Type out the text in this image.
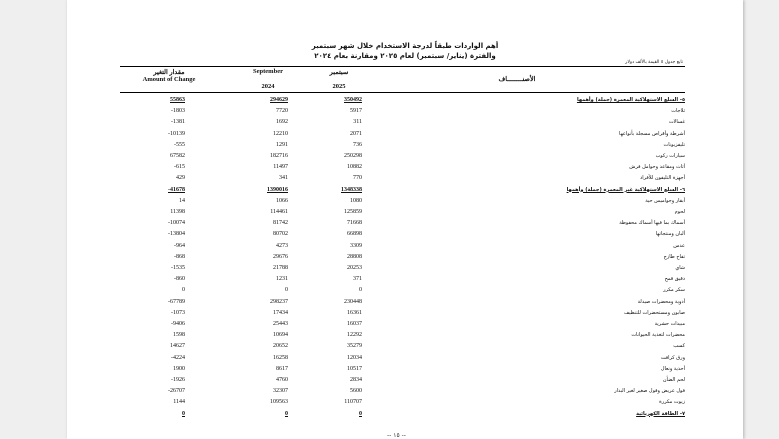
أهم الواردات طبقاً لدرجة الاستخدام خلال شهر سبتمبر
والفترة (يناير/ سبتمبر) لعام ٢٠٢٥ ومقارنة بعام ٢٠٢٤
تابع جدول ٥ القيمة بالألف دولار
مقدار التغير
Amount of Change
September
2024
سبتمبر
2025
الأصنــــــــاف
55863	294629	350492	٥- السلع الاستهلاكية المعمرة (جملة) وأهمها
-1803	7720	5917	ثلاجات
-1381	1692	311	غسالات
-10139	12210	2071	أشرطة وأقراص مسجلة بأنواعها
-555	1291	736	تليفزيونات
67582	182716	250298	سيارات ركوب
-615	11497	10882	أثاث ومقاعد وحوامل فرش
429	341	770	أجهزة التليفون للأفراد
-41678	1390016	1348338	٦- السلع الاستهلاكية غير المعمرة (جملة) وأهمها
14	1066	1080	أبقار وجواميس حية
11398	114461	125859	لحوم
-10074	81742	71668	أسماك بما فيها أسماك محفوظة
-13804	80702	66898	ألبان ومنتجاتها
-964	4273	3309	عدس
-868	29676	28808	تفاح طازج
-1535	21788	20253	شاي
-860	1231	371	دقيق قمح
0	0	0	سكر مكرر
-67789	298237	230448	أدوية ومحضرات صيدلة
-1073	17434	16361	صابون ومستحضرات للتنظيف
-9406	25443	16037	مبيدات حشرية
1598	10694	12292	محضرات لتغذية الحيوانات
14627	20652	35279	كسب
-4224	16258	12034	ورق كرافت
1900	8617	10517	أحذية ونعال
-1926	4760	2834	لحم الضأن
-26707	32307	5600	فول عريض وفول صغير لغير البذار
1144	109563	110707	زيوت مكررة
0	0	0	٧- الطاقة الكهربائية
-- ١٥ --
